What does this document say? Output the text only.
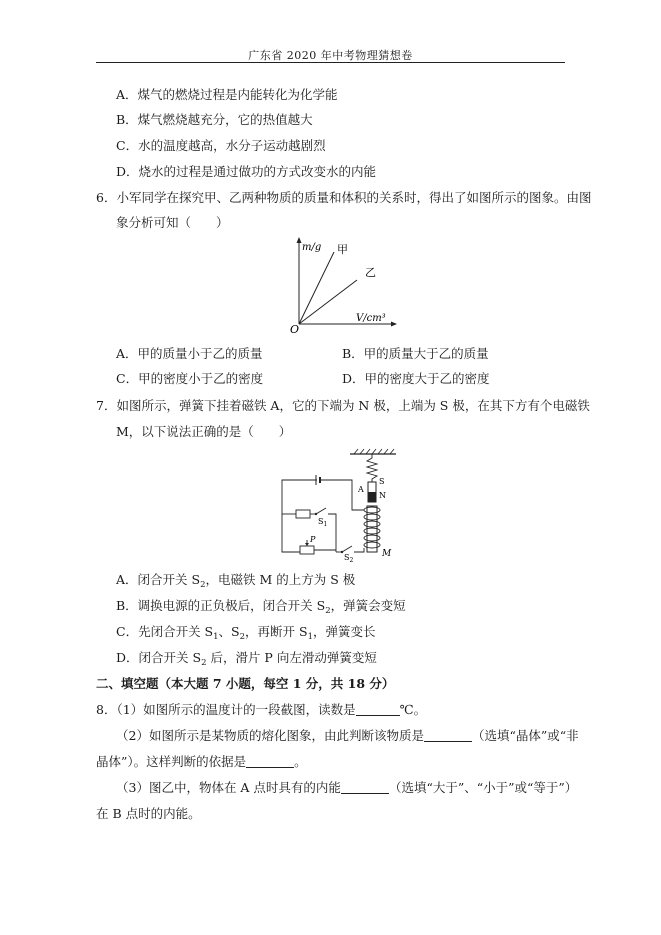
广东省 2020 年中考物理猜想卷
A．煤气的燃烧过程是内能转化为化学能
B．煤气燃烧越充分，它的热值越大
C．水的温度越高，水分子运动越剧烈
D．烧水的过程是通过做功的方式改变水的内能
6．小军同学在探究甲、乙两种物质的质量和体积的关系时，得出了如图所示的图象。由图
象分析可知（　　）
m/g 甲
乙
V/cm³
O
A．甲的质量小于乙的质量	B．甲的质量大于乙的质量
C．甲的密度小于乙的密度	D．甲的密度大于乙的密度
7．如图所示，弹簧下挂着磁铁 A，它的下端为 N 极，上端为 S 极，在其下方有个电磁铁
M，以下说法正确的是（　　）
S
A
N
M
$S_1$
P
$S_2$
A．闭合开关 $S_2$，电磁铁 M 的上方为 S 极
B．调换电源的正负极后，闭合开关 $S_2$，弹簧会变短
C．先闭合开关 $S_1$、$S_2$，再断开 $S_1$，弹簧变长
D．闭合开关 $S_2$ 后，滑片 P 向左滑动弹簧变短
二、填空题（本大题 7 小题，每空 1 分，共 18 分）
8．（1）如图所示的温度计的一段截图，读数是	℃。
（2）如图所示是某物质的熔化图象，由此判断该物质是	（选填“晶体”或“非
晶体”）。这样判断的依据是	。
（3）图乙中，物体在 A 点时具有的内能	（选填“大于”、“小于”或“等于”）
在 B 点时的内能。
